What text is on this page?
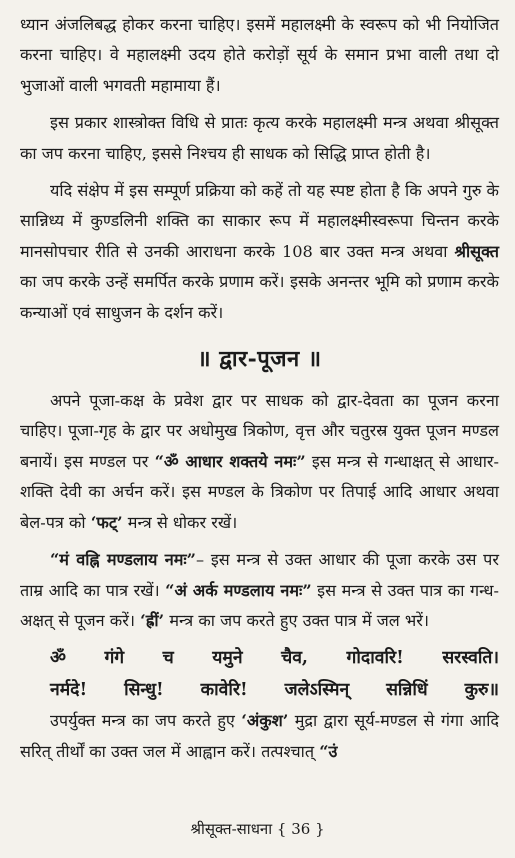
ध्यान अंजलिबद्ध होकर करना चाहिए। इसमें महालक्ष्मी के स्वरूप को भी नियोजित करना चाहिए। वे महालक्ष्मी उदय होते करोड़ों सूर्य के समान प्रभा वाली तथा दो भुजाओं वाली भगवती महामाया हैं।

इस प्रकार शास्त्रोक्त विधि से प्रातः कृत्य करके महालक्ष्मी मन्त्र अथवा श्रीसूक्त का जप करना चाहिए, इससे निश्चय ही साधक को सिद्धि प्राप्त होती है।

यदि संक्षेप में इस सम्पूर्ण प्रक्रिया को कहें तो यह स्पष्ट होता है कि अपने गुरु के सान्निध्य में कुण्डलिनी शक्ति का साकार रूप में महालक्ष्मीस्वरूपा चिन्तन करके मानसोपचार रीति से उनकी आराधना करके 108 बार उक्त मन्त्र अथवा श्रीसूक्त का जप करके उन्हें समर्पित करके प्रणाम करें। इसके अनन्तर भूमि को प्रणाम करके कन्याओं एवं साधुजन के दर्शन करें।

॥ द्वार-पूजन ॥

अपने पूजा-कक्ष के प्रवेश द्वार पर साधक को द्वार-देवता का पूजन करना चाहिए। पूजा-गृह के द्वार पर अधोमुख त्रिकोण, वृत्त और चतुरस्र युक्त पूजन मण्डल बनायें। इस मण्डल पर “ॐ आधार शक्तये नमः” इस मन्त्र से गन्धाक्षत् से आधार-शक्ति देवी का अर्चन करें। इस मण्डल के त्रिकोण पर तिपाई आदि आधार अथवा बेल-पत्र को ‘फट्’ मन्त्र से धोकर रखें।

“मं वह्नि मण्डलाय नमः”– इस मन्त्र से उक्त आधार की पूजा करके उस पर ताम्र आदि का पात्र रखें। “अं अर्क मण्डलाय नमः” इस मन्त्र से उक्त पात्र का गन्ध-अक्षत् से पूजन करें। ‘ह्रीं’ मन्त्र का जप करते हुए उक्त पात्र में जल भरें।

ॐ गंगे च यमुने चैव, गोदावरि! सरस्वति।
नर्मदे! सिन्धु! कावेरि! जलेऽस्मिन् सन्निधिं कुरु॥

उपर्युक्त मन्त्र का जप करते हुए ‘अंकुश’ मुद्रा द्वारा सूर्य-मण्डल से गंगा आदि सरित् तीर्थों का उक्त जल में आह्वान करें। तत्पश्चात् “उं

श्रीसूक्त-साधना { 36 }
